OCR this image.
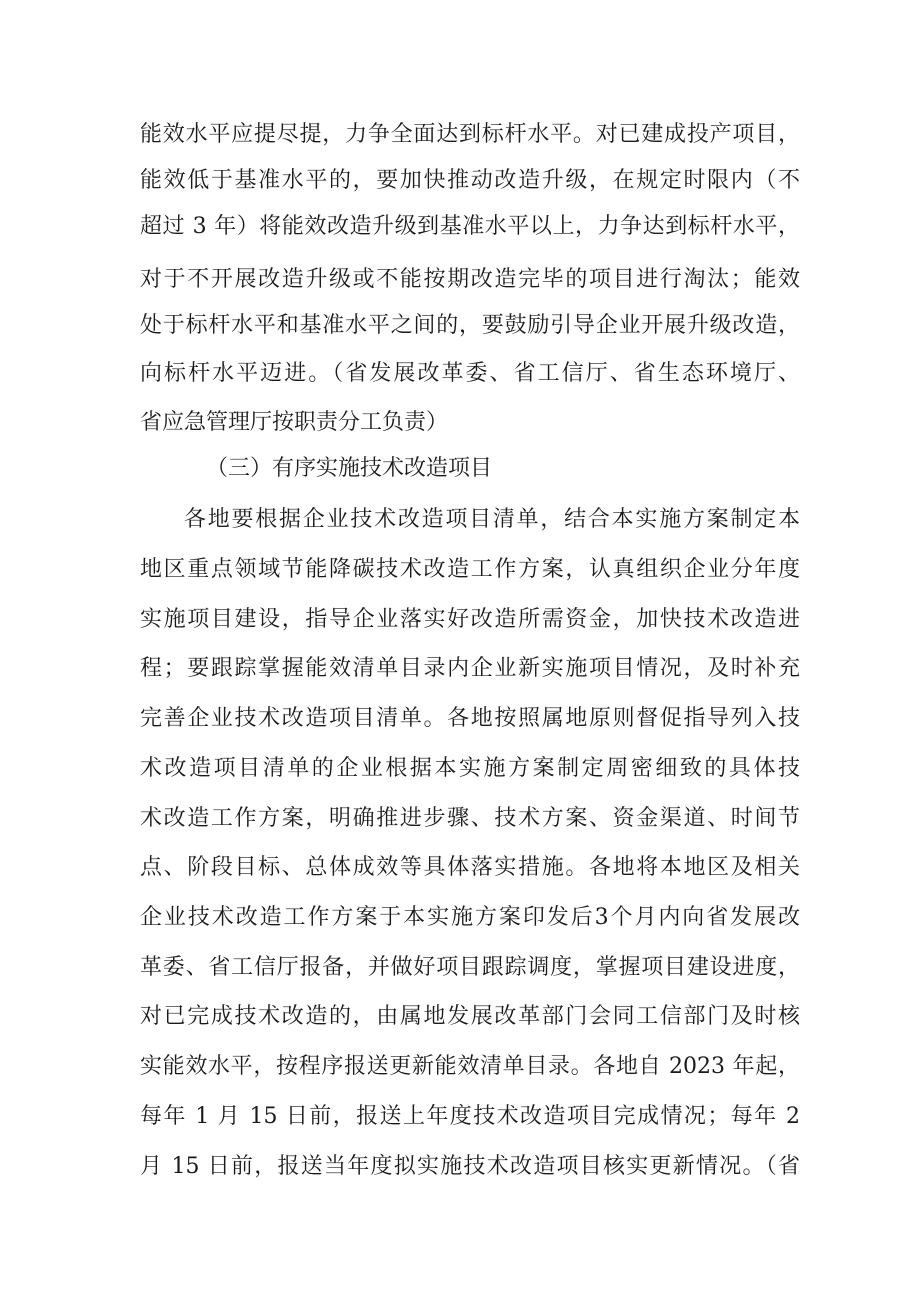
能效水平应提尽提，力争全面达到标杆水平。对已建成投产项目，
能效低于基准水平的，要加快推动改造升级，在规定时限内（不
超过 3 年）将能效改造升级到基准水平以上，力争达到标杆水平，
对于不开展改造升级或不能按期改造完毕的项目进行淘汰；能效
处于标杆水平和基准水平之间的，要鼓励引导企业开展升级改造，
向标杆水平迈进。（省发展改革委、省工信厅、省生态环境厅、
省应急管理厅按职责分工负责）
（三）有序实施技术改造项目
各地要根据企业技术改造项目清单，结合本实施方案制定本
地区重点领域节能降碳技术改造工作方案，认真组织企业分年度
实施项目建设，指导企业落实好改造所需资金，加快技术改造进
程；要跟踪掌握能效清单目录内企业新实施项目情况，及时补充
完善企业技术改造项目清单。各地按照属地原则督促指导列入技
术改造项目清单的企业根据本实施方案制定周密细致的具体技
术改造工作方案，明确推进步骤、技术方案、资金渠道、时间节
点、阶段目标、总体成效等具体落实措施。各地将本地区及相关
企业技术改造工作方案于本实施方案印发后3个月内向省发展改
革委、省工信厅报备，并做好项目跟踪调度，掌握项目建设进度，
对已完成技术改造的，由属地发展改革部门会同工信部门及时核
实能效水平，按程序报送更新能效清单目录。各地自 2023 年起，
每年 1 月 15 日前，报送上年度技术改造项目完成情况；每年 2
月 15 日前，报送当年度拟实施技术改造项目核实更新情况。（省
